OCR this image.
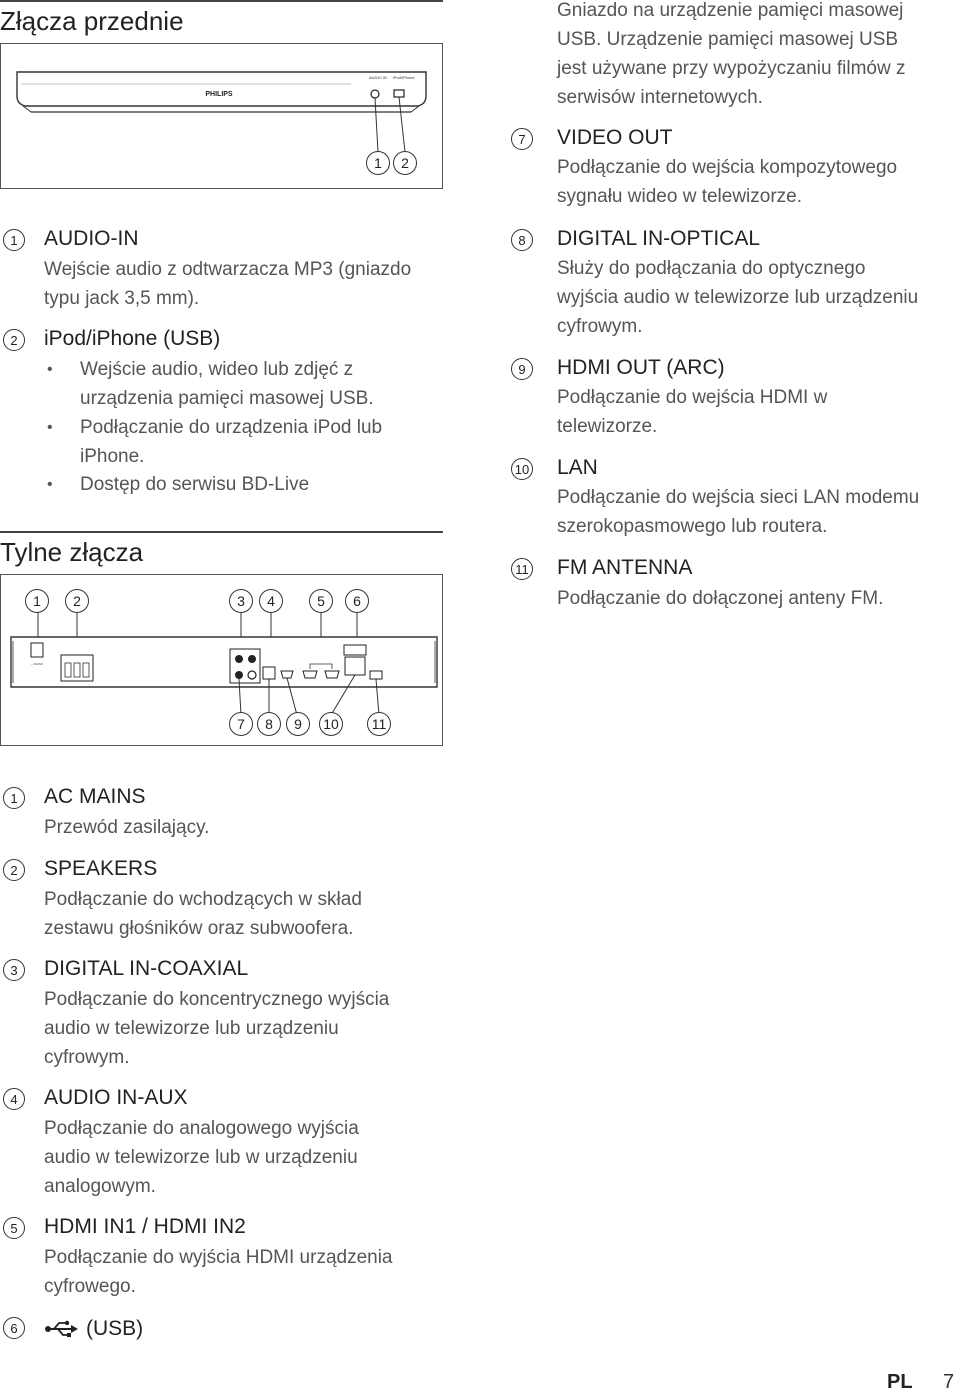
Złącza przednie
PHILIPS
AUDIO IN iPod/iPhone
1	2
1	AUDIO-IN
Wejście audio z odtwarzacza MP3 (gniazdo
typu jack 3,5 mm).
2	iPod/iPhone (USB)
• Wejście audio, wideo lub zdjęć z
urządzenia pamięci masowej USB.
• Podłączanie do urządzenia iPod lub
iPhone.
• Dostęp do serwisu BD-Live
Tylne złącza
~ MAINS
1	2	3	4	5	6
7	8	9	10	11
1	AC MAINS
Przewód zasilający.
2	SPEAKERS
Podłączanie do wchodzących w skład
zestawu głośników oraz subwoofera.
3	DIGITAL IN-COAXIAL
Podłączanie do koncentrycznego wyjścia
audio w telewizorze lub urządzeniu
cyfrowym.
4	AUDIO IN-AUX
Podłączanie do analogowego wyjścia
audio w telewizorze lub w urządzeniu
analogowym.
5	HDMI IN1 / HDMI IN2
Podłączanie do wyjścia HDMI urządzenia
cyfrowego.
6	(USB)
Gniazdo na urządzenie pamięci masowej
USB. Urządzenie pamięci masowej USB
jest używane przy wypożyczaniu filmów z
serwisów internetowych.
7	VIDEO OUT
Podłączanie do wejścia kompozytowego
sygnału wideo w telewizorze.
8	DIGITAL IN-OPTICAL
Służy do podłączania do optycznego
wyjścia audio w telewizorze lub urządzeniu
cyfrowym.
9	HDMI OUT (ARC)
Podłączanie do wejścia HDMI w
telewizorze.
10 LAN
Podłączanie do wejścia sieci LAN modemu
szerokopasmowego lub routera.
11 FM ANTENNA
Podłączanie do dołączonej anteny FM.
PL 7
